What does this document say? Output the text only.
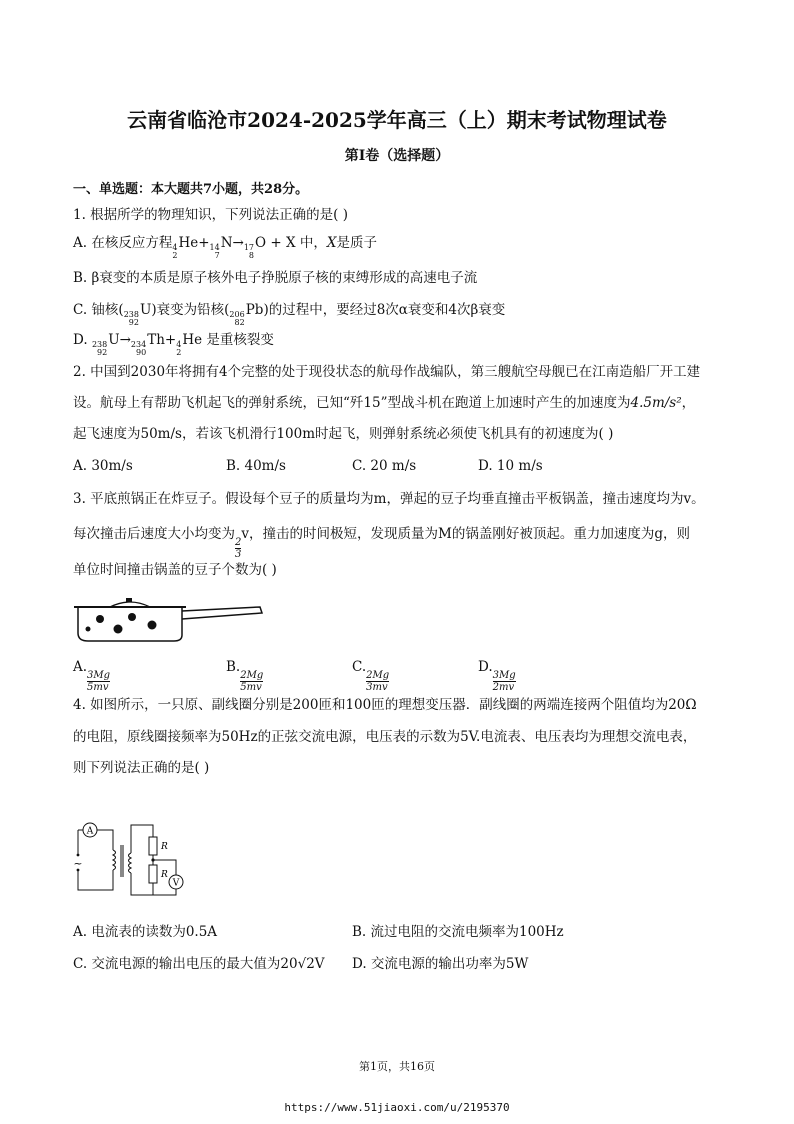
云南省临沧市2024-2025学年高三（上）期末考试物理试卷
第I卷（选择题）
一、单选题：本大题共7小题，共28分。
1. 根据所学的物理知识，下列说法正确的是( )
A. 在核反应方程 4
2
He+ 14
7
N→ 17
8
O + X 中，X是质子
B. β衰变的本质是原子核外电子挣脱原子核的束缚形成的高速电子流
C. 铀核( 238
92
U)衰变为铅核( 206
82
Pb)的过程中，要经过8次α衰变和4次β衰变
D. 238
92
U→ 234
90
Th+ 4
2
He 是重核裂变
2. 中国到2030年将拥有4个完整的处于现役状态的航母作战编队，第三艘航空母舰已在江南造船厂开工建
设。航母上有帮助飞机起飞的弹射系统，已知“歼15”型战斗机在跑道上加速时产生的加速度为4.5m/s²，
起飞速度为50m/s，若该飞机滑行100m时起飞，则弹射系统必须使飞机具有的初速度为( )
A. 30m/s	B. 40m/s	C. 20 m/s	D. 10 m/s
3. 平底煎锅正在炸豆子。假设每个豆子的质量均为m，弹起的豆子均垂直撞击平板锅盖，撞击速度均为v。
每次撞击后速度大小均变为
$\frac{2}{3}$
v，撞击的时间极短，发现质量为M的锅盖刚好被顶起。重力加速度为g，则
单位时间撞击锅盖的豆子个数为( )
A.
$\frac{3Mg}{5mv}$
B.
$\frac{2Mg}{5mv}$
C.
$\frac{2Mg}{3mv}$
D.
$\frac{3Mg}{2mv}$
4. 如图所示，一只原、副线圈分别是200匝和100匝的理想变压器．副线圈的两端连接两个阻值均为20Ω
的电阻，原线圈接频率为50Hz的正弦交流电源，电压表的示数为5V.电流表、电压表均为理想交流电表，
则下列说法正确的是( )
~
A
V
R
R
A. 电流表的读数为0.5A	B. 流过电阻的交流电频率为100Hz
C. 交流电源的输出电压的最大值为20√2V D. 交流电源的输出功率为5W
第1页，共16页
https://www.51jiaoxi.com/u/2195370
